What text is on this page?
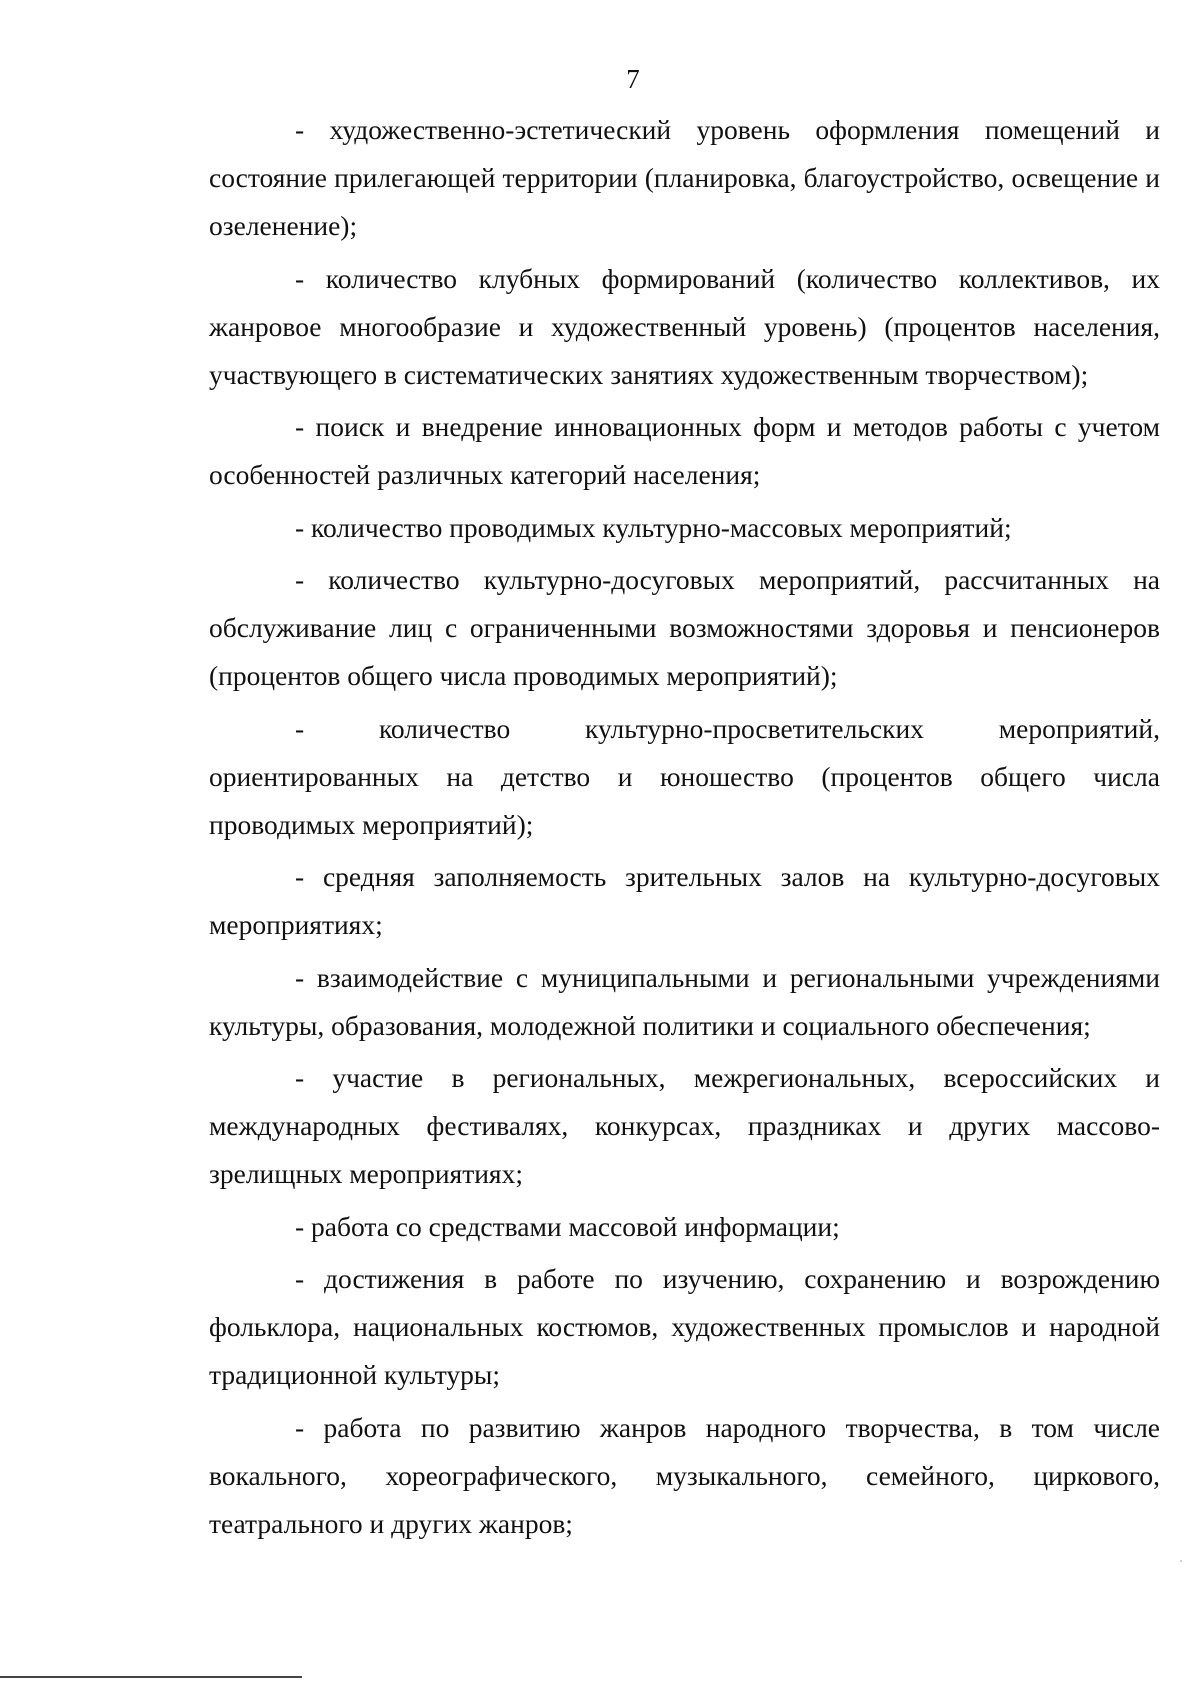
7

- художественно-эстетический уровень оформления помещений и состояние прилегающей территории (планировка, благоустройство, освещение и озеленение);

- количество клубных формирований (количество коллективов, их жанровое многообразие и художественный уровень) (процентов населения, участвующего в систематических занятиях художественным творчеством);

- поиск и внедрение инновационных форм и методов работы с учетом особенностей различных категорий населения;

- количество проводимых культурно-массовых мероприятий;

- количество культурно-досуговых мероприятий, рассчитанных на обслуживание лиц с ограниченными возможностями здоровья и пенсионеров (процентов общего числа проводимых мероприятий);

- количество культурно-просветительских мероприятий, ориентированных на детство и юношество (процентов общего числа проводимых мероприятий);

- средняя заполняемость зрительных залов на культурно-досуговых мероприятиях;

- взаимодействие с муниципальными и региональными учреждениями культуры, образования, молодежной политики и социального обеспечения;

- участие в региональных, межрегиональных, всероссийских и международных фестивалях, конкурсах, праздниках и других массово-зрелищных мероприятиях;

- работа со средствами массовой информации;

- достижения в работе по изучению, сохранению и возрождению фольклора, национальных костюмов, художественных промыслов и народной традиционной культуры;

- работа по развитию жанров народного творчества, в том числе вокального, хореографического, музыкального, семейного, циркового, театрального и других жанров;
